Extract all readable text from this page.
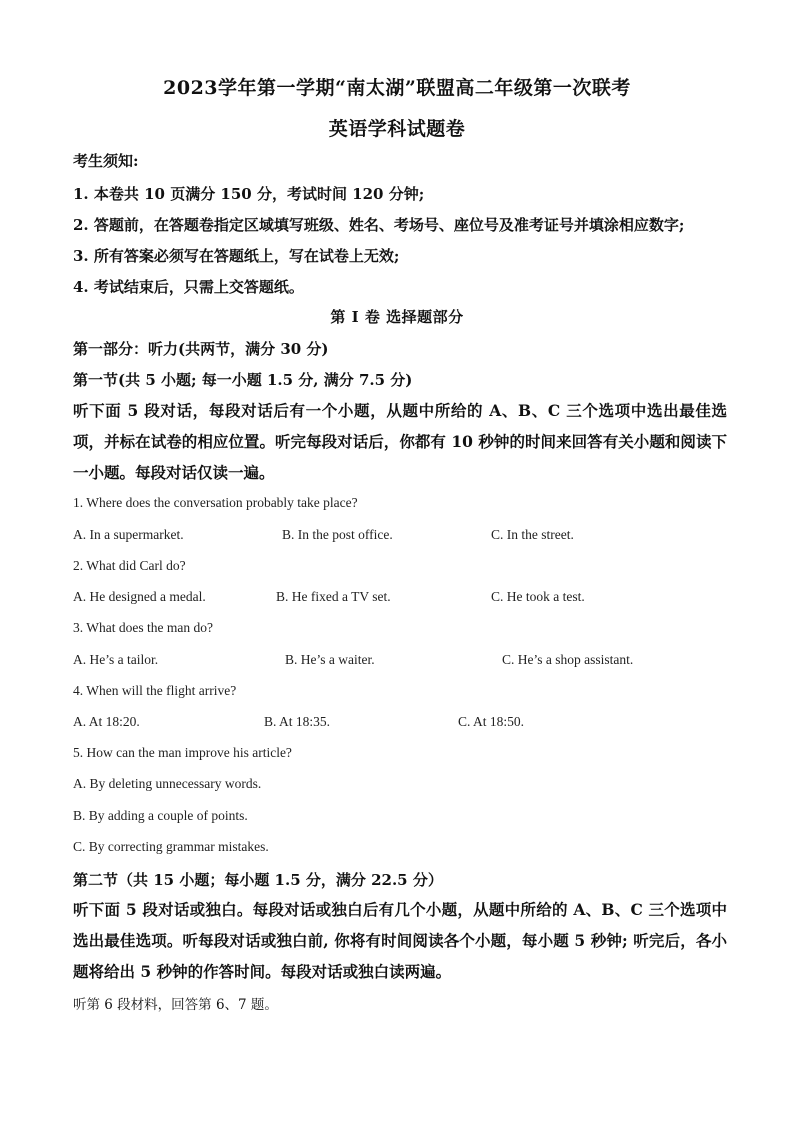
2023学年第一学期“南太湖”联盟高二年级第一次联考
英语学科试题卷
考生须知:
1. 本卷共 10 页满分 150 分，考试时间 120 分钟;
2. 答题前，在答题卷指定区域填写班级、姓名、考场号、座位号及准考证号并填涂相应数字;
3. 所有答案必须写在答题纸上，写在试卷上无效;
4. 考试结束后，只需上交答题纸。
第 I 卷 选择题部分
第一部分：听力(共两节，满分 30 分)
第一节(共 5 小题; 每一小题 1.5 分, 满分 7.5 分)
听下面 5 段对话，每段对话后有一个小题，从题中所给的 A、B、C 三个选项中选出最佳选项，并标在试卷的相应位置。听完每段对话后，你都有 10 秒钟的时间来回答有关小题和阅读下一小题。每段对话仅读一遍。
1. Where does the conversation probably take place?
A. In a supermarket.	B. In the post office.	C. In the street.
2. What did Carl do?
A. He designed a medal.	B. He fixed a TV set.	C. He took a test.
3. What does the man do?
A. He’s a tailor.	B. He’s a waiter.	C. He’s a shop assistant.
4. When will the flight arrive?
A. At 18:20.	B. At 18:35.	C. At 18:50.
5. How can the man improve his article?
A. By deleting unnecessary words.
B. By adding a couple of points.
C. By correcting grammar mistakes.
第二节（共 15 小题；每小题 1.5 分，满分 22.5 分）
听下面 5 段对话或独白。每段对话或独白后有几个小题，从题中所给的 A、B、C 三个选项中选出最佳选项。听每段对话或独白前, 你将有时间阅读各个小题，每小题 5 秒钟; 听完后，各小题将给出 5 秒钟的作答时间。每段对话或独白读两遍。
听第 6 段材料，回答第 6、7 题。
